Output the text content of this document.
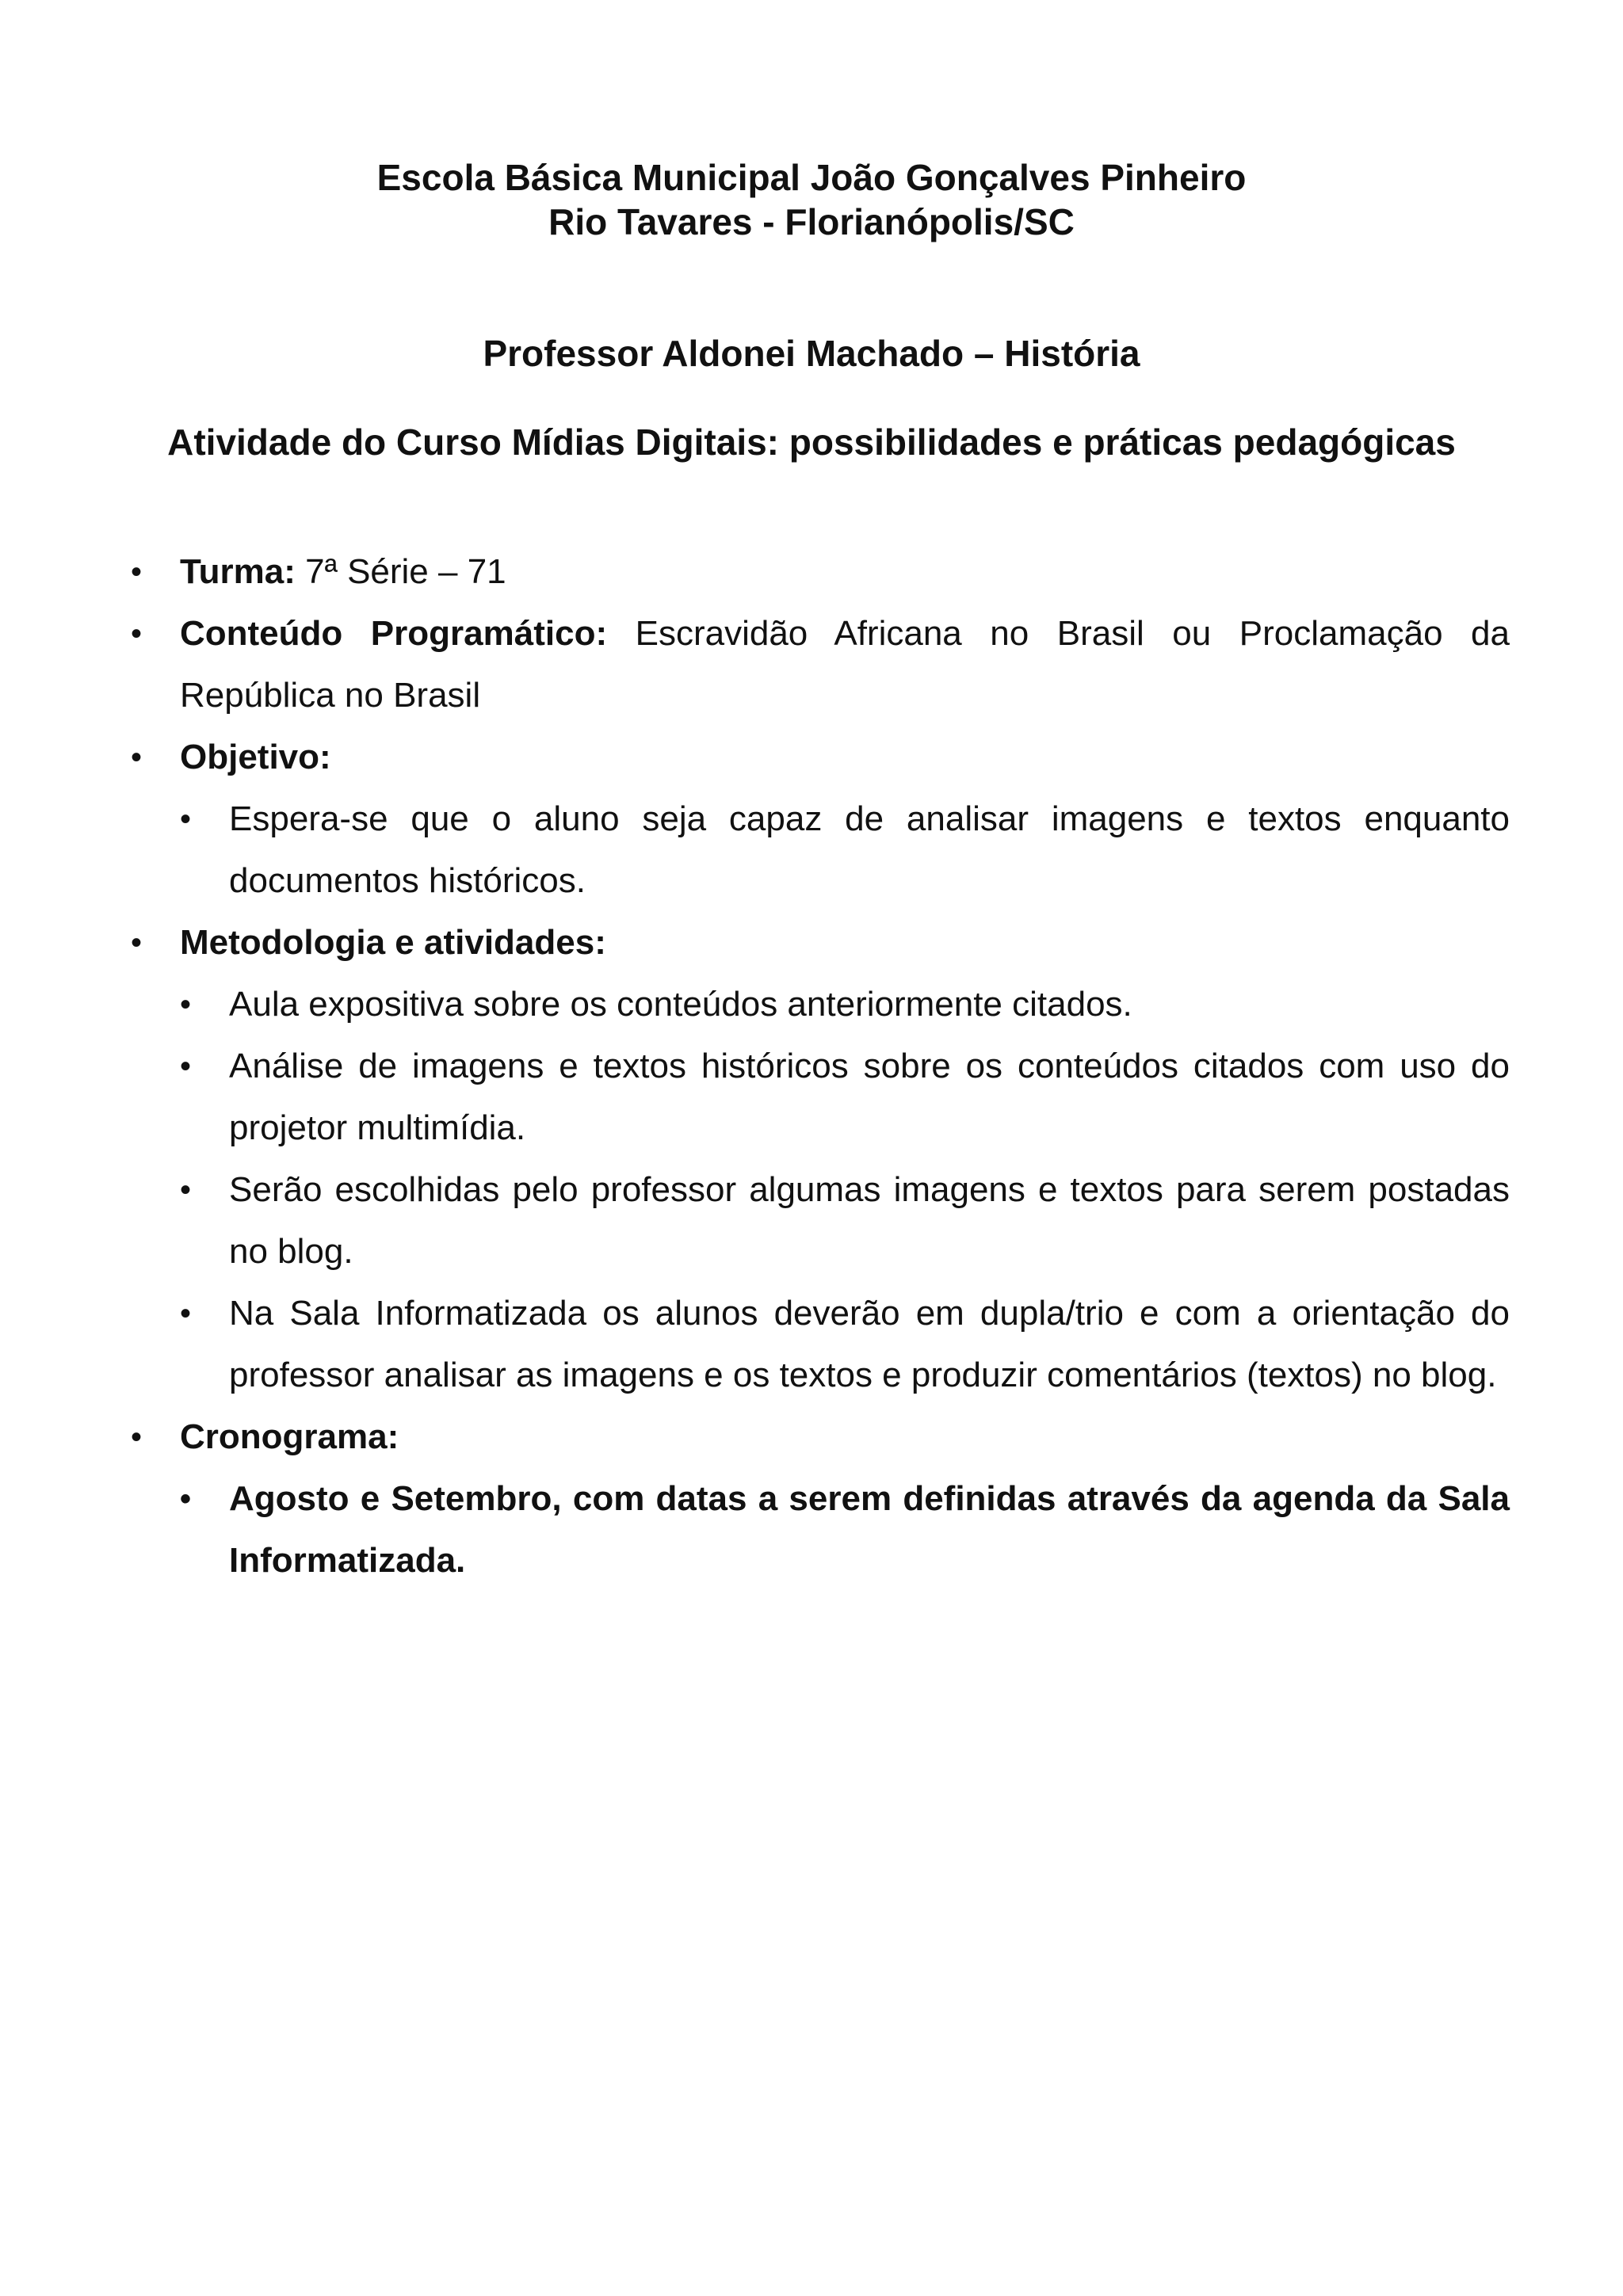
Escola Básica Municipal João Gonçalves Pinheiro
Rio Tavares - Florianópolis/SC
Professor Aldonei Machado – História
Atividade do Curso Mídias Digitais: possibilidades e práticas pedagógicas
• Turma: 7ª Série – 71
• Conteúdo Programático: Escravidão Africana no Brasil ou Proclamação da República no Brasil
• Objetivo:
• Espera-se que o aluno seja capaz de analisar imagens e textos enquanto documentos históricos.
• Metodologia e atividades:
• Aula expositiva sobre os conteúdos anteriormente citados.
• Análise de imagens e textos históricos sobre os conteúdos citados com uso do projetor multimídia.
• Serão escolhidas pelo professor algumas imagens e textos para serem postadas no blog.
• Na Sala Informatizada os alunos deverão em dupla/trio e com a orientação do professor analisar as imagens e os textos e produzir comentários (textos) no blog.
• Cronograma:
• Agosto e Setembro, com datas a serem definidas através da agenda da Sala Informatizada.
